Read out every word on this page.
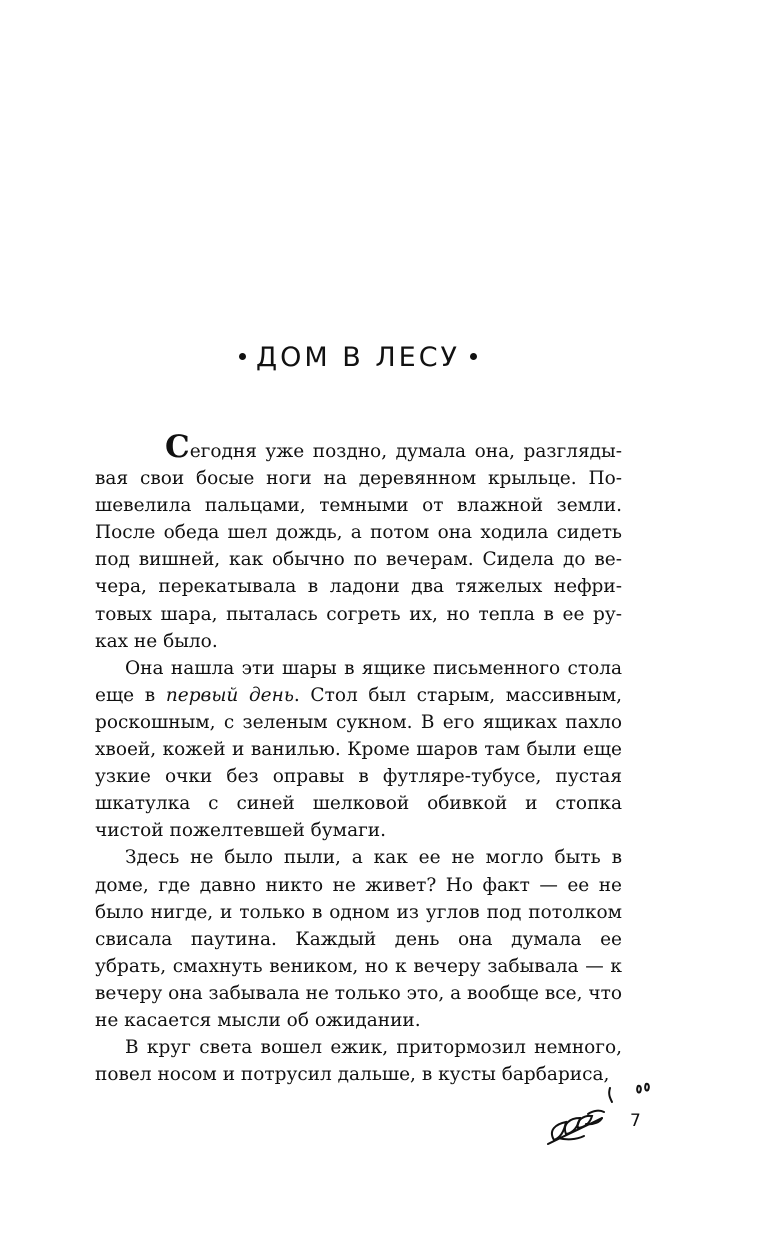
ДОМ В ЛЕСУ

Сегодня уже поздно, думала она, разглядывая свои босые ноги на деревянном крыльце. Пошевелила пальцами, темными от влажной земли. После обеда шел дождь, а потом она ходила сидеть под вишней, как обычно по вечерам. Сидела до вечера, перекатывала в ладони два тяжелых нефритовых шара, пыталась согреть их, но тепла в ее руках не было.

Она нашла эти шары в ящике письменного стола еще в первый день. Стол был старым, массивным, роскошным, с зеленым сукном. В его ящиках пахло хвоей, кожей и ванилью. Кроме шаров там были еще узкие очки без оправы в футляре-тубусе, пустая шкатулка с синей шелковой обивкой и стопка чистой пожелтевшей бумаги.

Здесь не было пыли, а как ее не могло быть в доме, где давно никто не живет? Но факт — ее не было нигде, и только в одном из углов под потолком свисала паутина. Каждый день она думала ее убрать, смахнуть веником, но к вечеру забывала — к вечеру она забывала не только это, а вообще все, что не касается мысли об ожидании.

В круг света вошел ежик, притормозил немного, повел носом и потрусил дальше, в кусты барбариса,

7
